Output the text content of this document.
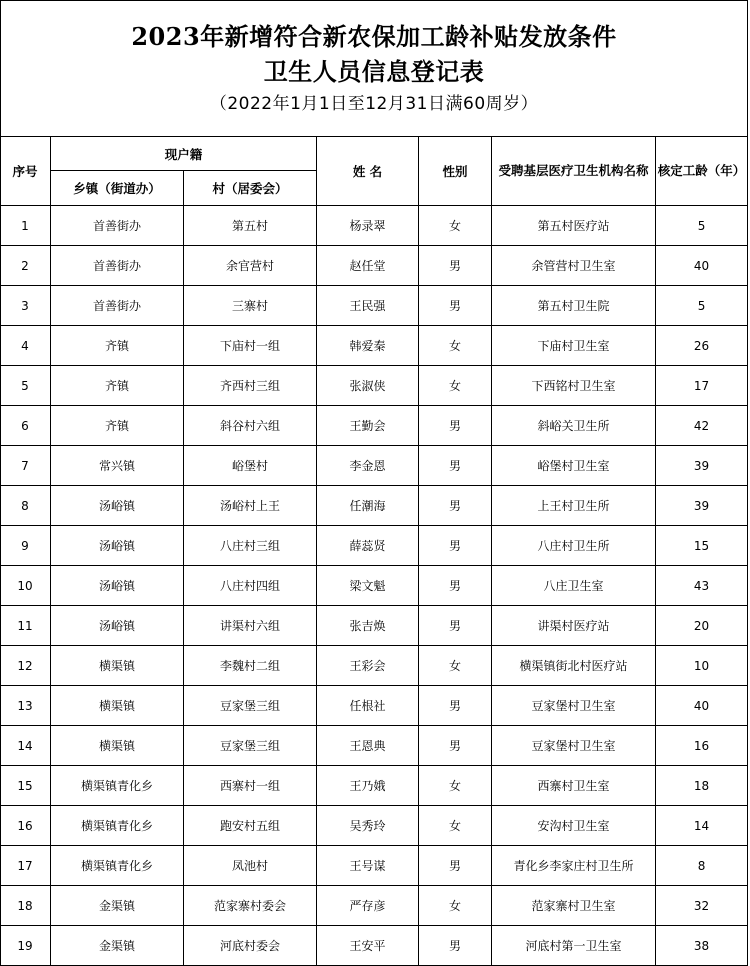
2023年新增符合新农保加工龄补贴发放条件
卫生人员信息登记表
（2022年1月1日至12月31日满60周岁）
序号	现户籍		姓 名	性别	受聘基层医疗卫生机构名称	核定工龄（年）
	乡镇（街道办）	村（居委会）				
1	首善街办	第五村	杨录翠	女	第五村医疗站	5
2	首善街办	余官营村	赵任堂	男	余管营村卫生室	40
3	首善街办	三寨村	王民强	男	第五村卫生院	5
4	齐镇	下庙村一组	韩爱秦	女	下庙村卫生室	26
5	齐镇	齐西村三组	张淑侠	女	下西铭村卫生室	17
6	齐镇	斜谷村六组	王勤会	男	斜峪关卫生所	42
7	常兴镇	峪堡村	李金恩	男	峪堡村卫生室	39
8	汤峪镇	汤峪村上王	任潮海	男	上王村卫生所	39
9	汤峪镇	八庄村三组	薛蕊贤	男	八庄村卫生所	15
10	汤峪镇	八庄村四组	梁文魁	男	八庄卫生室	43
11	汤峪镇	讲渠村六组	张吉焕	男	讲渠村医疗站	20
12	横渠镇	李魏村二组	王彩会	女	横渠镇街北村医疗站	10
13	横渠镇	豆家堡三组	任根社	男	豆家堡村卫生室	40
14	横渠镇	豆家堡三组	王恩典	男	豆家堡村卫生室	16
15	横渠镇青化乡	西寨村一组	王乃娥	女	西寨村卫生室	18
16	横渠镇青化乡	跑安村五组	吴秀玲	女	安沟村卫生室	14
17	横渠镇青化乡	凤池村	王号谋	男	青化乡李家庄村卫生所	8
18	金渠镇	范家寨村委会	严存彦	女	范家寨村卫生室	32
19	金渠镇	河底村委会	王安平	男	河底村第一卫生室	38
